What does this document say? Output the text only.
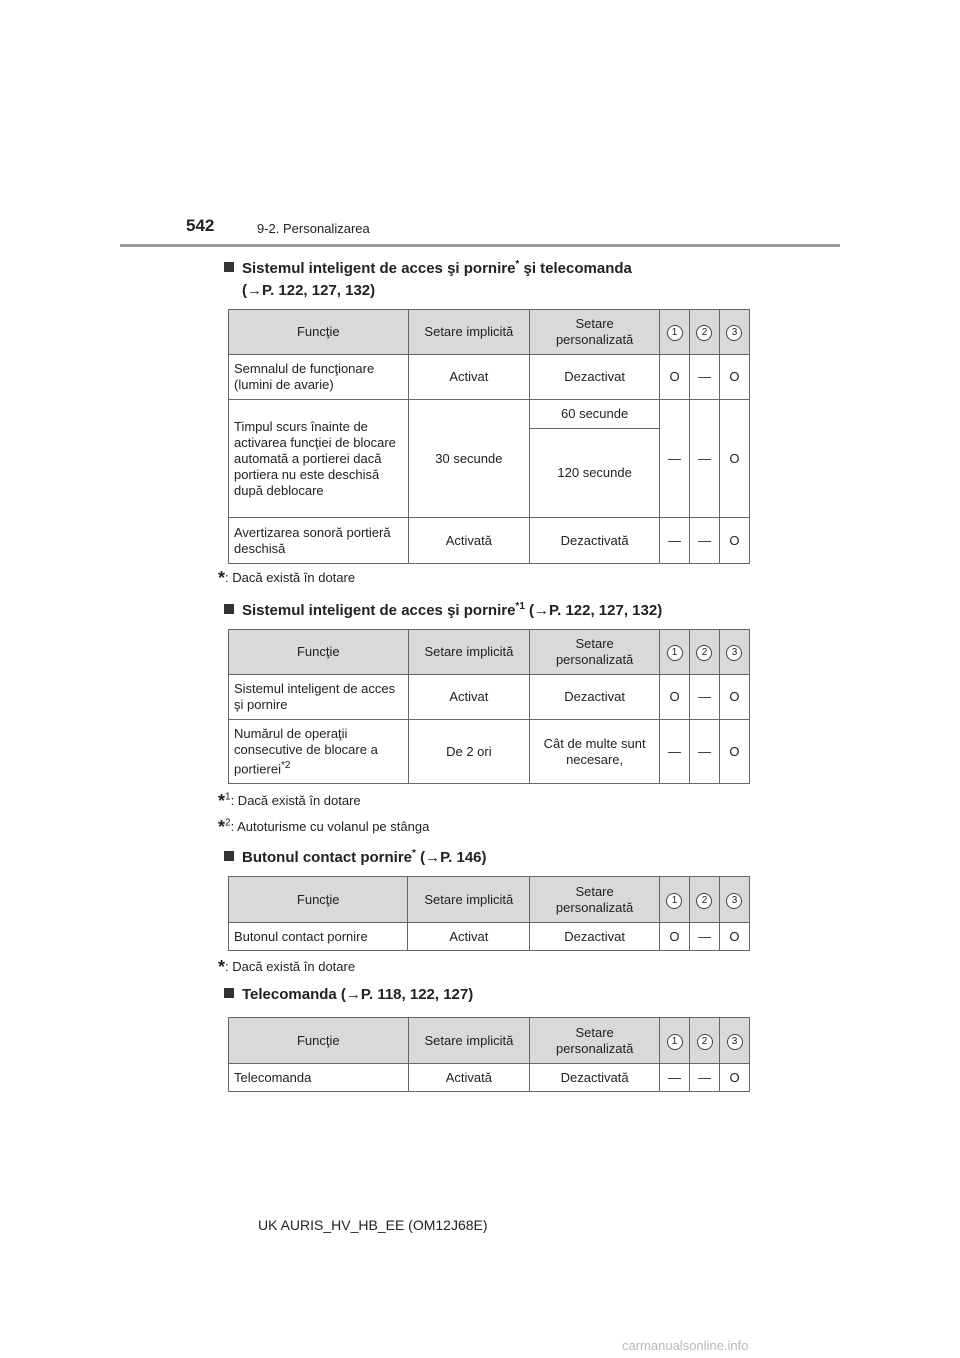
542	9-2. Personalizarea
Sistemul inteligent de acces şi pornire* şi telecomanda
(→P. 122, 127, 132)
Funcţie	Setare implicită	Setare personalizată	1	2	3
Semnalul de funcţionare (lumini de avarie)	Activat	Dezactivat	O	—	O
Timpul scurs înainte de activarea funcţiei de blocare automată a portierei dacă portiera nu este deschisă după deblocare	30 secunde	60 secunde	—	—	O
		120 secunde			
Avertizarea sonoră portieră deschisă	Activată	Dezactivată	—	—	O
*: Dacă există în dotare
Sistemul inteligent de acces şi pornire$^{*1}$ (→P. 122, 127, 132)
Funcţie	Setare implicită	Setare personalizată	1	2	3
Sistemul inteligent de acces şi pornire	Activat	Dezactivat	O	—	O
Numărul de operaţii consecutive de blocare a portierei$^{*2}$	De 2 ori	Cât de multe sunt necesare,	—	—	O
*$^1$: Dacă există în dotare
*$^2$: Autoturisme cu volanul pe stânga
Butonul contact pornire* (→P. 146)
Funcţie	Setare implicită	Setare personalizată	1	2	3
Butonul contact pornire	Activat	Dezactivat	O	—	O
*: Dacă există în dotare
Telecomanda (→P. 118, 122, 127)
Funcţie	Setare implicită	Setare personalizată	1	2	3
Telecomanda	Activată	Dezactivată	—	—	O
UK AURIS_HV_HB_EE (OM12J68E)
carmanualsonline.info
